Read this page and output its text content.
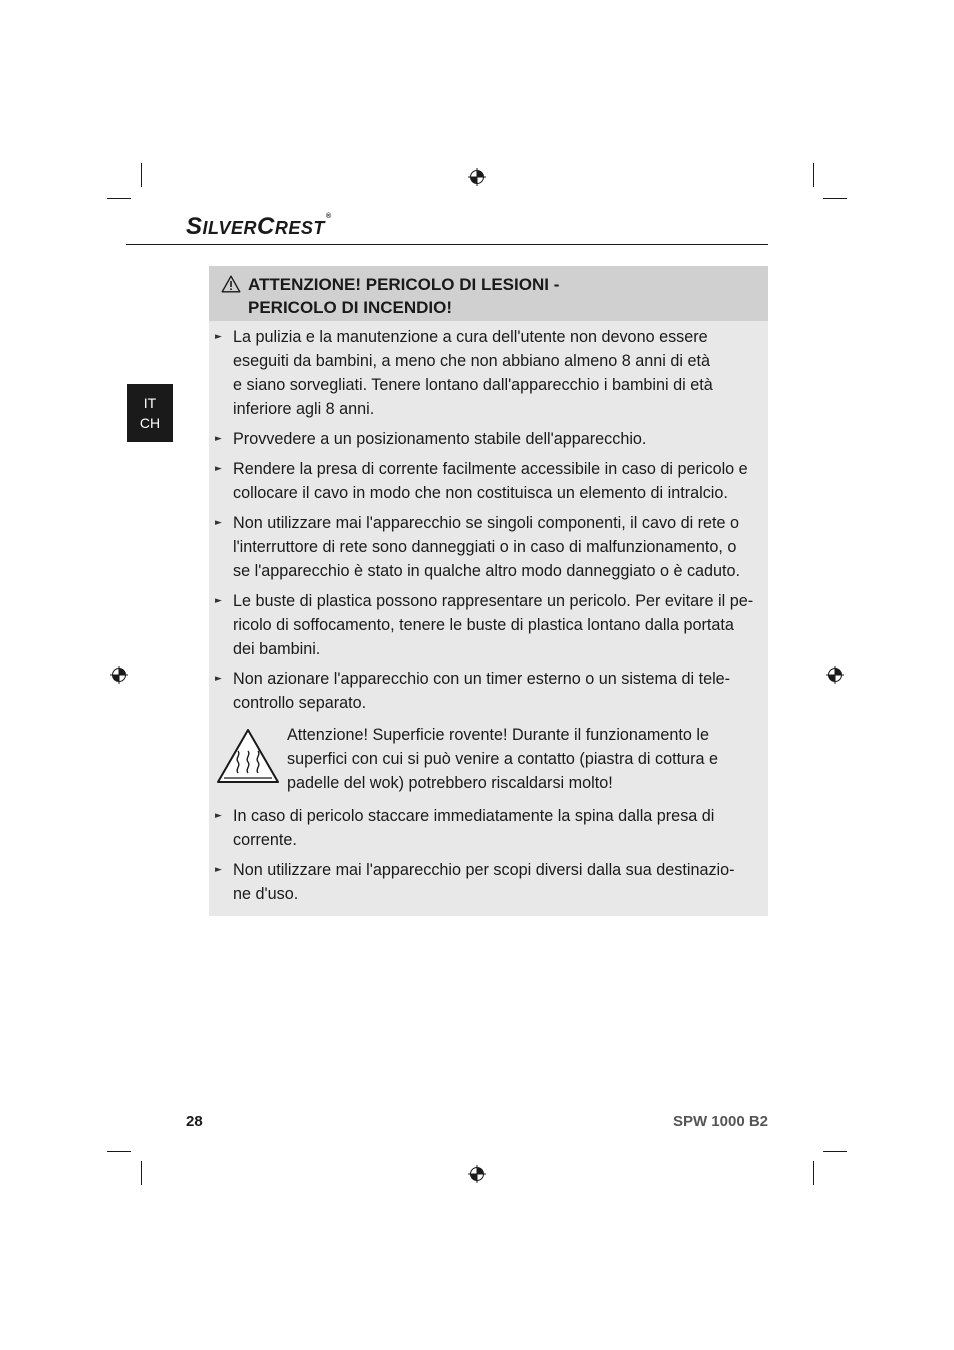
SILVERCREST®
IT
CH
ATTENZIONE! PERICOLO DI LESIONI -
PERICOLO DI INCENDIO!
► La pulizia e la manutenzione a cura dell'utente non devono essere
eseguiti da bambini, a meno che non abbiano almeno 8 anni di età
e siano sorvegliati. Tenere lontano dall'apparecchio i bambini di età
inferiore agli 8 anni.
► Provvedere a un posizionamento stabile dell'apparecchio.
► Rendere la presa di corrente facilmente accessibile in caso di pericolo e
collocare il cavo in modo che non costituisca un elemento di intralcio.
► Non utilizzare mai l'apparecchio se singoli componenti, il cavo di rete o
l'interruttore di rete sono danneggiati o in caso di malfunzionamento, o
se l'apparecchio è stato in qualche altro modo danneggiato o è caduto.
► Le buste di plastica possono rappresentare un pericolo. Per evitare il pe-
ricolo di soffocamento, tenere le buste di plastica lontano dalla portata
dei bambini.
► Non azionare l'apparecchio con un timer esterno o un sistema di tele-
controllo separato.
Attenzione! Superficie rovente! Durante il funzionamento le
superfici con cui si può venire a contatto (piastra di cottura e
padelle del wok) potrebbero riscaldarsi molto!
► In caso di pericolo staccare immediatamente la spina dalla presa di
corrente.
► Non utilizzare mai l'apparecchio per scopi diversi dalla sua destinazio-
ne d'uso.
28	SPW 1000 B2
